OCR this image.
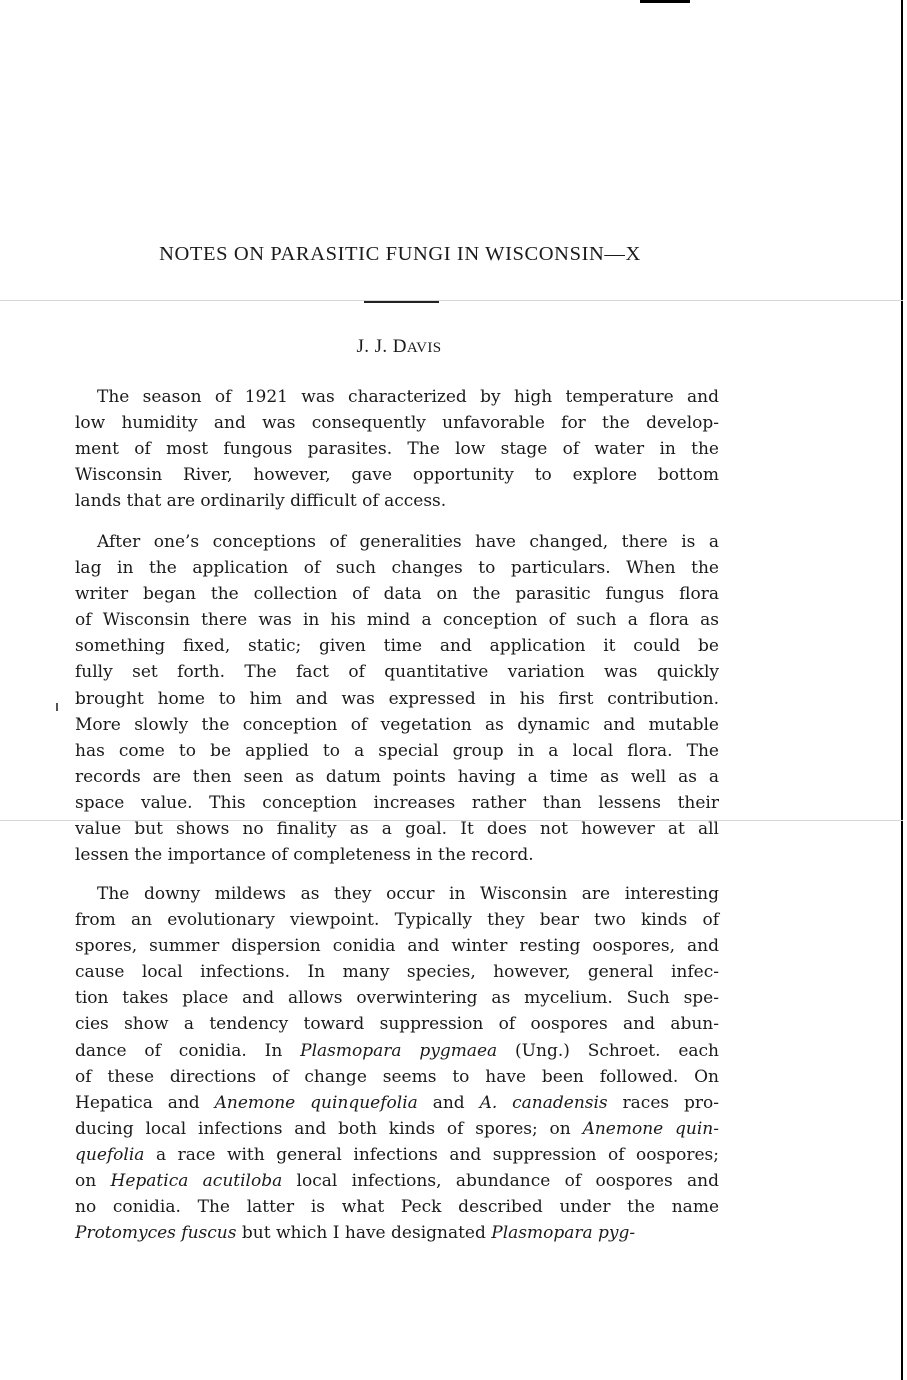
NOTES ON PARASITIC FUNGI IN WISCONSIN—X

J. J. DAVIS

The season of 1921 was characterized by high temperature and
low humidity and was consequently unfavorable for the develop-
ment of most fungous parasites. The low stage of water in the
Wisconsin River, however, gave opportunity to explore bottom
lands that are ordinarily difficult of access.
After one’s conceptions of generalities have changed, there is a
lag in the application of such changes to particulars. When the
writer began the collection of data on the parasitic fungus flora
of Wisconsin there was in his mind a conception of such a flora as
something fixed, static; given time and application it could be
fully set forth. The fact of quantitative variation was quickly
brought home to him and was expressed in his first contribution.
More slowly the conception of vegetation as dynamic and mutable
has come to be applied to a special group in a local flora. The
records are then seen as datum points having a time as well as a
space value. This conception increases rather than lessens their
value but shows no finality as a goal. It does not however at all
lessen the importance of completeness in the record.
The downy mildews as they occur in Wisconsin are interesting
from an evolutionary viewpoint. Typically they bear two kinds of
spores, summer dispersion conidia and winter resting oospores, and
cause local infections. In many species, however, general infec-
tion takes place and allows overwintering as mycelium. Such spe-
cies show a tendency toward suppression of oospores and abun-
dance of conidia. In Plasmopara pygmaea (Ung.) Schroet. each
of these directions of change seems to have been followed. On
Hepatica and Anemone quinquefolia and A. canadensis races pro-
ducing local infections and both kinds of spores; on Anemone quin-
quefolia a race with general infections and suppression of oospores;
on Hepatica acutiloba local infections, abundance of oospores and
no conidia. The latter is what Peck described under the name
Protomyces fuscus but which I have designated Plasmopara pyg-
